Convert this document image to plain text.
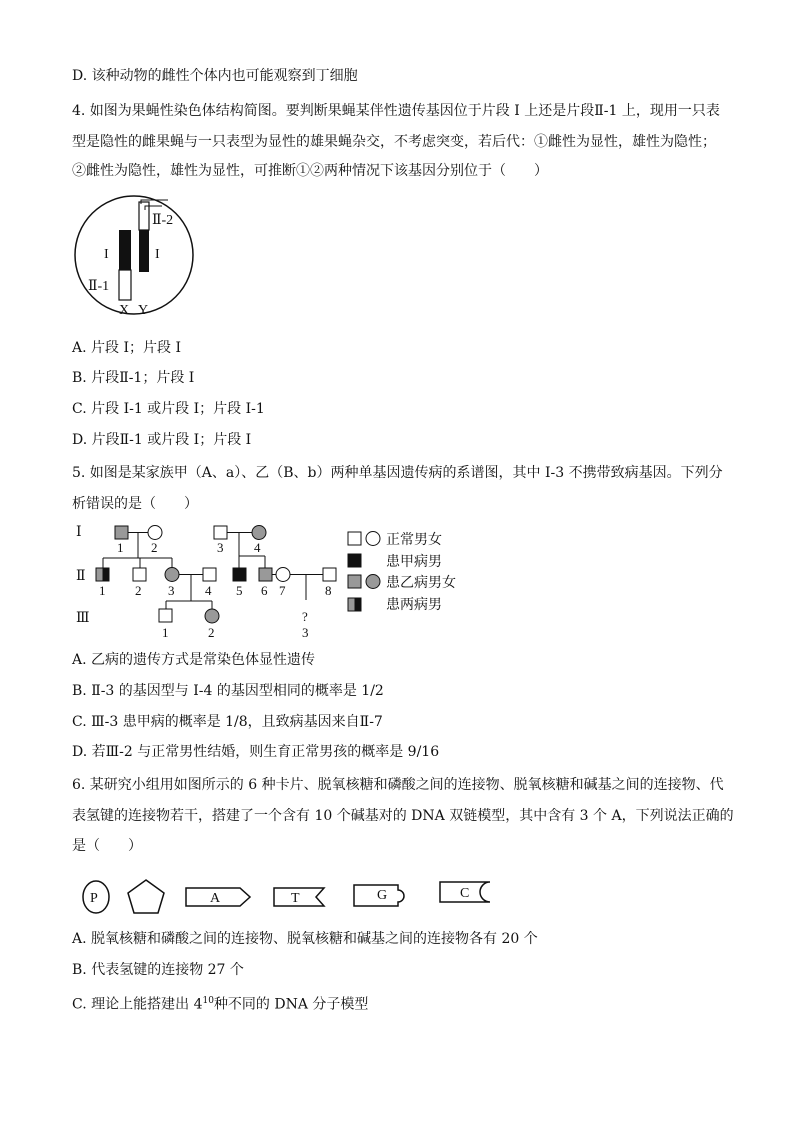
D. 该种动物的雌性个体内也可能观察到丁细胞
4. 如图为果蝇性染色体结构简图。要判断果蝇某伴性遗传基因位于片段 I 上还是片段Ⅱ-1 上，现用一只表
型是隐性的雌果蝇与一只表型为显性的雄果蝇杂交，不考虑突变，若后代：①雌性为显性，雄性为隐性；
②雌性为隐性，雄性为显性，可推断①②两种情况下该基因分别位于（　　）
Ⅱ-2
I	I
Ⅱ-1
X Y
A. 片段 I；片段 I
B. 片段Ⅱ-1；片段 I
C. 片段 I-1 或片段 I；片段 I-1
D. 片段Ⅱ-1 或片段 I；片段 I
5. 如图是某家族甲（A、a）、乙（B、b）两种单基因遗传病的系谱图，其中 I-3 不携带致病基因。下列分
析错误的是（　　）
Ⅰ
Ⅱ
Ⅲ
1 2	3 4
1 2 3 4 5 6 7	8
?
1	2	3
正常男女
患甲病男
患乙病男女
患两病男
A. 乙病的遗传方式是常染色体显性遗传
B. Ⅱ-3 的基因型与 I-4 的基因型相同的概率是 1/2
C. Ⅲ-3 患甲病的概率是 1/8，且致病基因来自Ⅱ-7
D. 若Ⅲ-2 与正常男性结婚，则生育正常男孩的概率是 9/16
6. 某研究小组用如图所示的 6 种卡片、脱氧核糖和磷酸之间的连接物、脱氧核糖和碱基之间的连接物、代
表氢键的连接物若干，搭建了一个含有 10 个碱基对的 DNA 双链模型，其中含有 3 个 A，下列说法正确的
是（　　）
P	A	T	G	C
A. 脱氧核糖和磷酸之间的连接物、脱氧核糖和碱基之间的连接物各有 20 个
B. 代表氢键的连接物 27 个
C. 理论上能搭建出 $4^{10}$种不同的 DNA 分子模型
